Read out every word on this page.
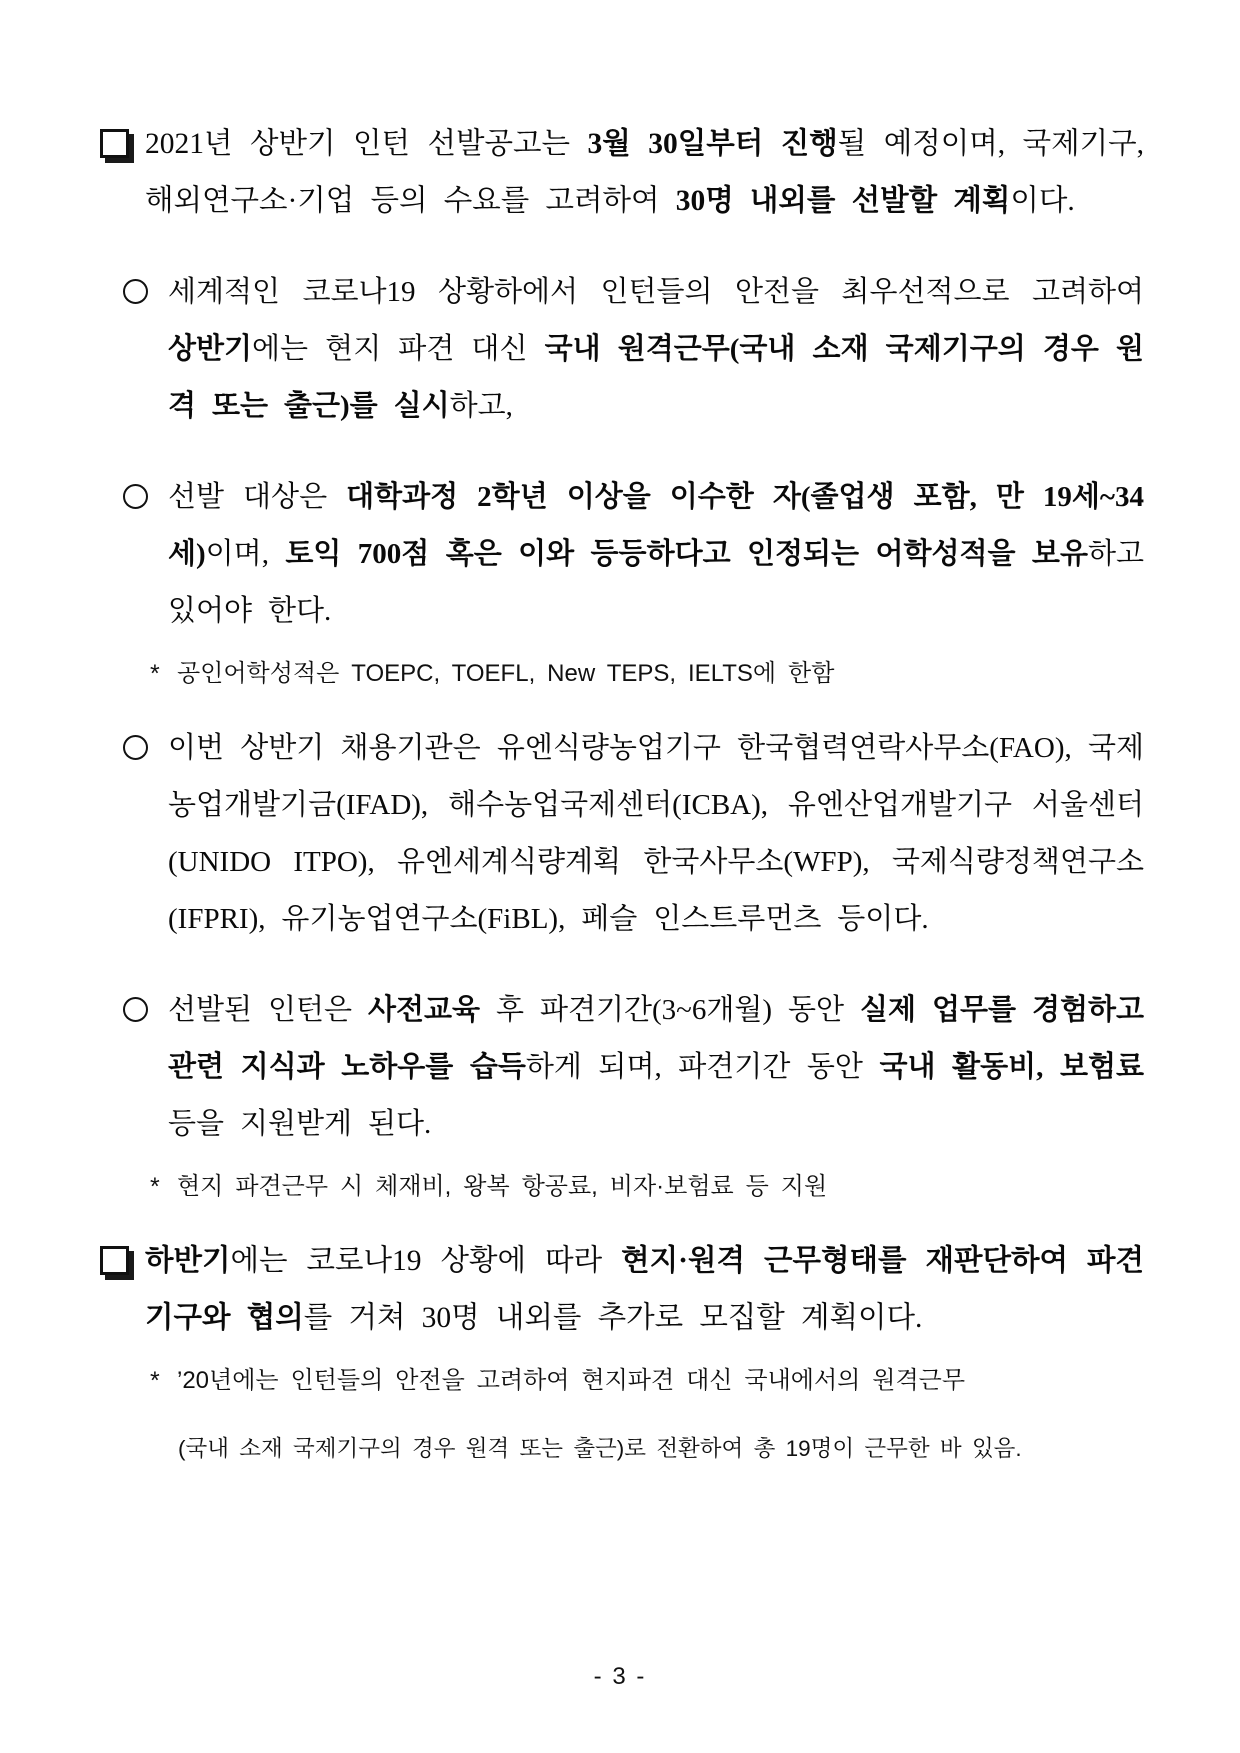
2021년 상반기 인턴 선발공고는 3월 30일부터 진행될 예정이며, 국제기구, 해외연구소·기업 등의 수요를 고려하여 30명 내외를 선발할 계획이다.
세계적인 코로나19 상황하에서 인턴들의 안전을 최우선적으로 고려하여 상반기에는 현지 파견 대신 국내 원격근무(국내 소재 국제기구의 경우 원격 또는 출근)를 실시하고,
선발 대상은 대학과정 2학년 이상을 이수한 자(졸업생 포함, 만 19세~34세)이며, 토익 700점 혹은 이와 등등하다고 인정되는 어학성적을 보유하고 있어야 한다.
* 공인어학성적은 TOEPC, TOEFL, New TEPS, IELTS에 한함
이번 상반기 채용기관은 유엔식량농업기구 한국협력연락사무소(FAO), 국제농업개발기금(IFAD), 해수농업국제센터(ICBA), 유엔산업개발기구 서울센터(UNIDO ITPO), 유엔세계식량계획 한국사무소(WFP), 국제식량정책연구소(IFPRI), 유기농업연구소(FiBL), 페슬 인스트루먼츠 등이다.
선발된 인턴은 사전교육 후 파견기간(3~6개월) 동안 실제 업무를 경험하고 관련 지식과 노하우를 습득하게 되며, 파견기간 동안 국내 활동비, 보험료 등을 지원받게 된다.
* 현지 파견근무 시 체재비, 왕복 항공료, 비자·보험료 등 지원
하반기에는 코로나19 상황에 따라 현지·원격 근무형태를 재판단하여 파견기구와 협의를 거쳐 30명 내외를 추가로 모집할 계획이다.
* ’20년에는 인턴들의 안전을 고려하여 현지파견 대신 국내에서의 원격근무
(국내 소재 국제기구의 경우 원격 또는 출근)로 전환하여 총 19명이 근무한 바 있음.
- 3 -
